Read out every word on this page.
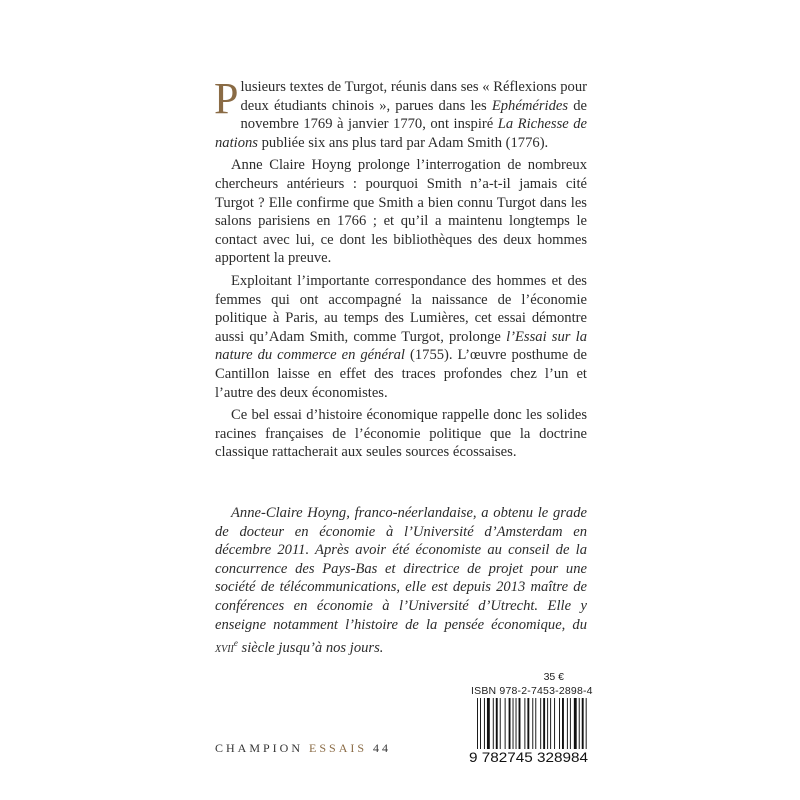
Plusieurs textes de Turgot, réunis dans ses « Réflexions pour deux étudiants chinois », parues dans les Ephémérides de novembre 1769 à janvier 1770, ont inspiré La Richesse de nations publiée six ans plus tard par Adam Smith (1776).

Anne Claire Hoyng prolonge l’interrogation de nombreux chercheurs antérieurs : pourquoi Smith n’a-t-il jamais cité Turgot ? Elle confirme que Smith a bien connu Turgot dans les salons parisiens en 1766 ; et qu’il a maintenu longtemps le contact avec lui, ce dont les bibliothèques des deux hommes apportent la preuve.

Exploitant l’importante correspondance des hommes et des femmes qui ont accompagné la naissance de l’économie politique à Paris, au temps des Lumières, cet essai démontre aussi qu’Adam Smith, comme Turgot, prolonge l’Essai sur la nature du commerce en général (1755). L’œuvre posthume de Cantillon laisse en effet des traces profondes chez l’un et l’autre des deux économistes.

Ce bel essai d’histoire économique rappelle donc les solides racines françaises de l’économie politique que la doctrine classique rattacherait aux seules sources écossaises.

Anne-Claire Hoyng, franco-néerlandaise, a obtenu le grade de docteur en économie à l’Université d’Amsterdam en décembre 2011. Après avoir été économiste au conseil de la concurrence des Pays-Bas et directrice de projet pour une société de télécommunications, elle est depuis 2013 maître de conférences en économie à l’Université d’Utrecht. Elle y enseigne notamment l’histoire de la pensée économique, du xvii$^e$ siècle jusqu’à nos jours.

35 €
ISBN 978-2-7453-2898-4
9 782745 328984
CHAMPION ESSAIS 44
